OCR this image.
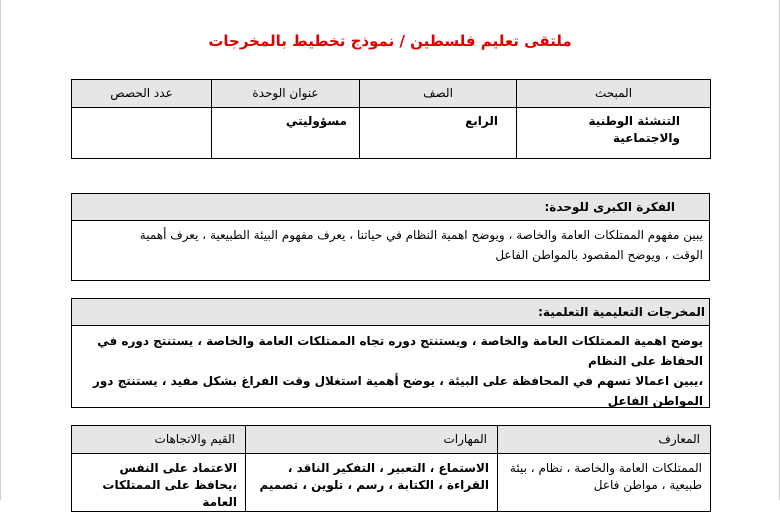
ملتقى تعليم فلسطين / نموذج تخطيط بالمخرجات
المبحث	الصف	عنوان الوحدة	عدد الحصص

التنشئة الوطنية والاجتماعية	الرابع	مسؤوليتي	

الفكرة الكبرى للوحدة:
يبين مفهوم الممتلكات العامة والخاصة ، ويوضح اهمية النظام في حياتنا ، يعرف مفهوم البيئة الطبيعية ، يعرف أهمية
الوقت ، ويوضح المقصود بالمواطن الفاعل
المخرجات التعليمية التعلمية:
يوضح اهمية الممتلكات العامة والخاصة ، ويستنتج دوره تجاه الممتلكات العامة والخاصة ، يستنتج دوره في الحفاظ على النظام
،يبين اعمالا تسهم في المحافظة على البيئة ، يوضح أهمية استغلال وقت الفراغ بشكل مفيد ، يستنتج دور المواطن الفاعل
المعارف	المهارات	القيم والاتجاهات
الممتلكات العامة والخاصة ، نظام ، بيئة طبيعية ، مواطن فاعل	الاستماع ، التعبير ، التفكير الناقد ، القراءة ، الكتابة ، رسم ، تلوين ، تصميم	الاعتماد على النفس ،يحافظ على الممتلكات العامة
